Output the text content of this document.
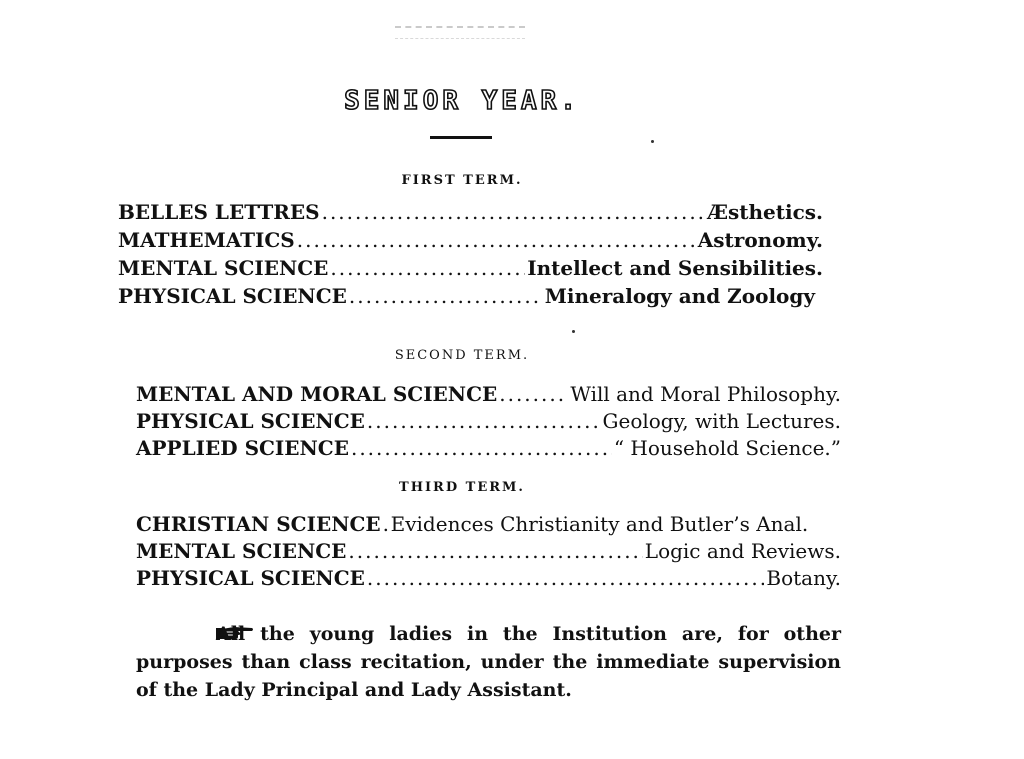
SENIOR YEAR.
FIRST TERM.
BELLES LETTRES .....	Æsthetics.
MATHEMATICS .....	Astronomy.
MENTAL SCIENCE .....	Intellect and Sensibilities.
PHYSICAL SCIENCE .....	Mineralogy and Zoology
SECOND TERM.
MENTAL AND MORAL SCIENCE .....	Will and Moral Philosophy.
PHYSICAL SCIENCE .....	Geology, with Lectures.
APPLIED SCIENCE .....	“ Household Science.”
THIRD TERM.
CHRISTIAN SCIENCE ..... Evidences Christianity and Butler’s Anal.
MENTAL SCIENCE .....	Logic and Reviews.
PHYSICAL SCIENCE .....	Botany.
All the young ladies in the Institution are, for other purposes than class recitation, under the immediate supervision of the Lady Principal and Lady Assistant.
